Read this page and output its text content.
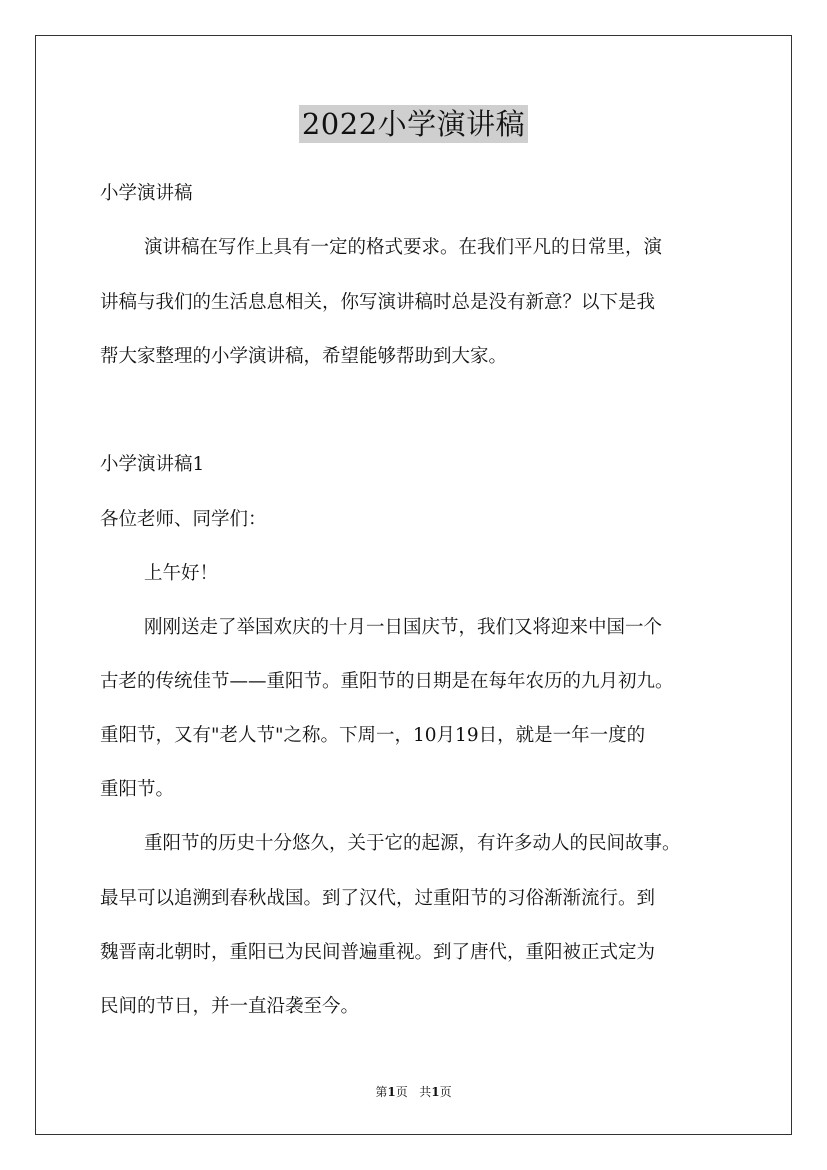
2022小学演讲稿

小学演讲稿

演讲稿在写作上具有一定的格式要求。在我们平凡的日常里，演

讲稿与我们的生活息息相关，你写演讲稿时总是没有新意？以下是我

帮大家整理的小学演讲稿，希望能够帮助到大家。

小学演讲稿1

各位老师、同学们：

上午好！

刚刚送走了举国欢庆的十月一日国庆节，我们又将迎来中国一个

古老的传统佳节——重阳节。重阳节的日期是在每年农历的九月初九。

重阳节，又有"老人节"之称。下周一，10月19日，就是一年一度的

重阳节。

重阳节的历史十分悠久，关于它的起源，有许多动人的民间故事。

最早可以追溯到春秋战国。到了汉代，过重阳节的习俗渐渐流行。到

魏晋南北朝时，重阳已为民间普遍重视。到了唐代，重阳被正式定为

民间的节日，并一直沿袭至今。

第1页 共1页
